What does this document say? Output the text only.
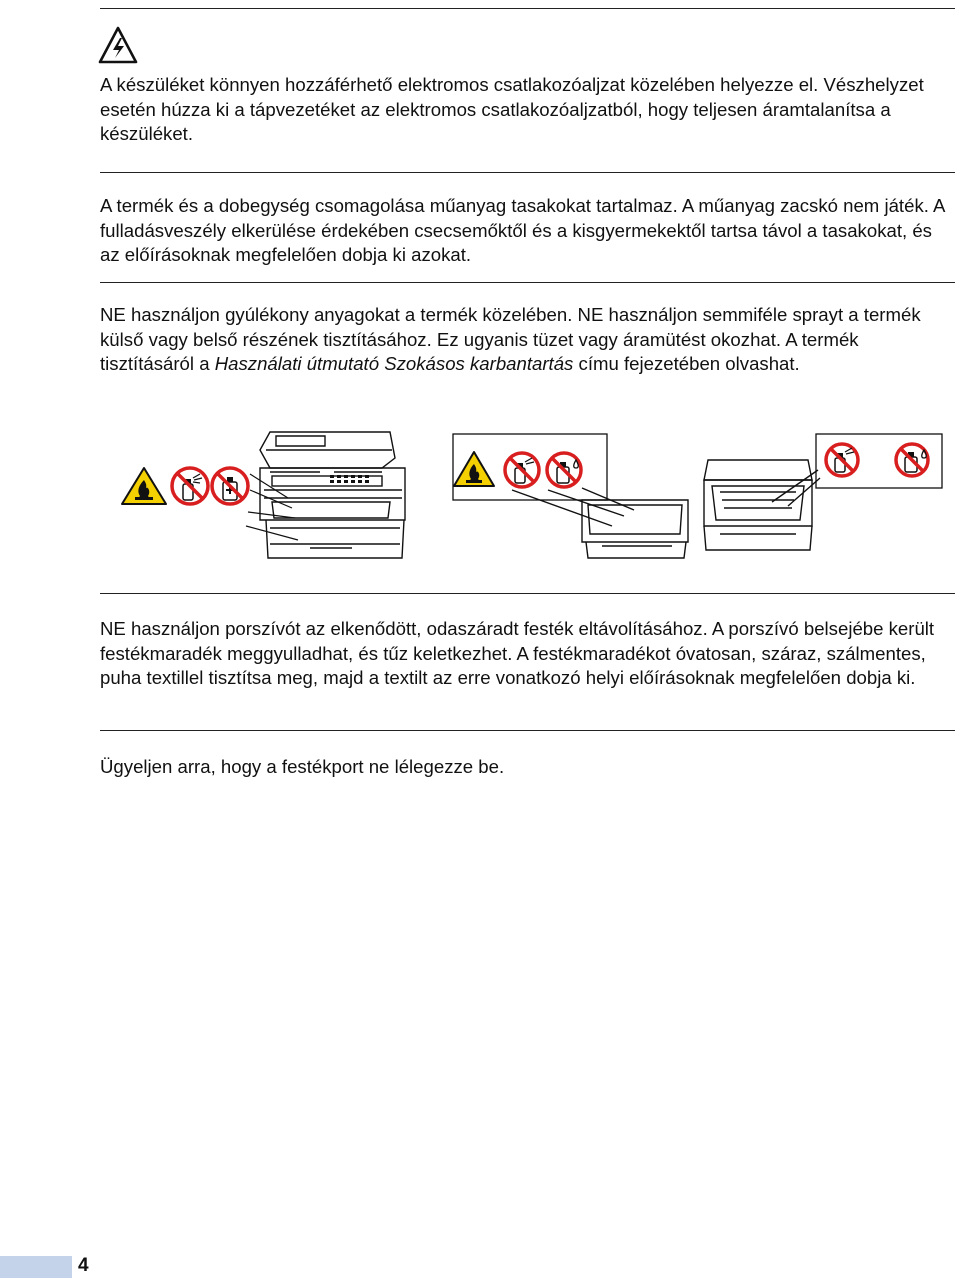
A készüléket könnyen hozzáférhető elektromos csatlakozóaljzat közelében helyezze el. Vészhelyzet esetén húzza ki a tápvezetéket az elektromos csatlakozóaljzatból, hogy teljesen áramtalanítsa a készüléket.

A termék és a dobegység csomagolása műanyag tasakokat tartalmaz. A műanyag zacskó nem játék. A fulladásveszély elkerülése érdekében csecsemőktől és a kisgyermekektől tartsa távol a tasakokat, és az előírásoknak megfelelően dobja ki azokat.

NE használjon gyúlékony anyagokat a termék közelében. NE használjon semmiféle sprayt a termék külső vagy belső részének tisztításához. Ez ugyanis tüzet vagy áramütést okozhat. A termék tisztításáról a Használati útmutató Szokásos karbantartás címu fejezetében olvashat.

NE használjon porszívót az elkenődött, odaszáradt festék eltávolításához. A porszívó belsejébe került festékmaradék meggyulladhat, és tűz keletkezhet. A festékmaradékot óvatosan, száraz, szálmentes, puha textillel tisztítsa meg, majd a textilt az erre vonatkozó helyi előírásoknak megfelelően dobja ki.

Ügyeljen arra, hogy a festékport ne lélegezze be.

4
